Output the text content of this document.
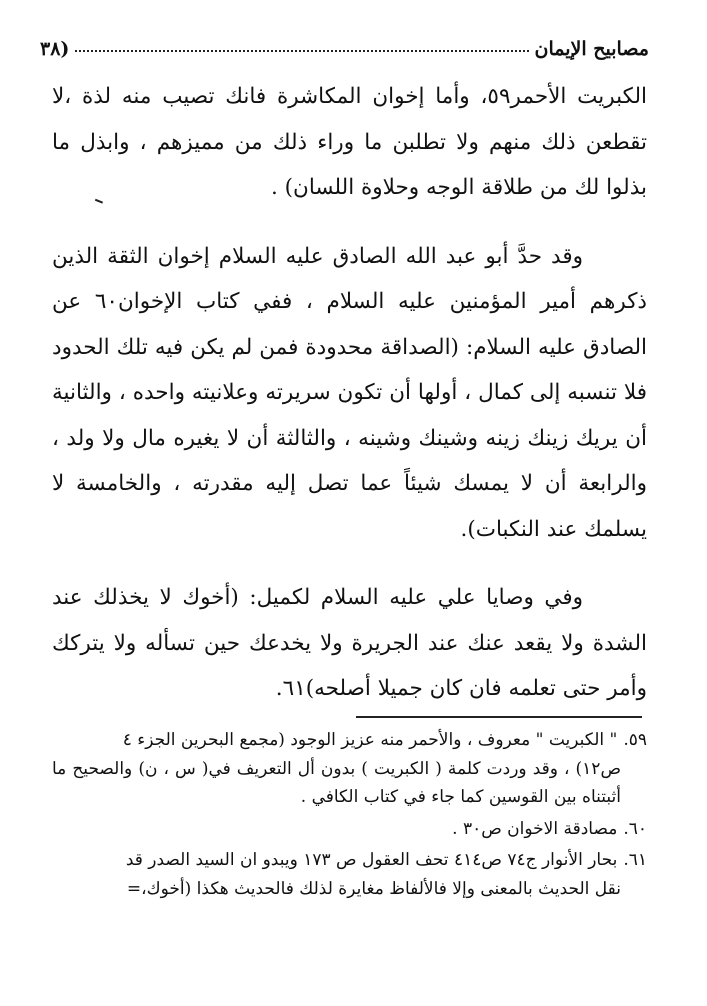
مصابيح الإيمان
(٣٨

الكبريت الأحمر٥٩، وأما إخوان المكاشرة فانك تصيب منه لذة ،لا تقطعن ذلك منهم ولا تطلبن ما وراء ذلك من مميزهم ، وابذل ما بذلوا لك من طلاقة الوجه وحلاوة اللسان) .

وقد حدَّ أبو عبد الله الصادق عليه السلام إخوان الثقة الذين ذكرهم أمير المؤمنين عليه السلام ، ففي كتاب الإخوان٦٠ عن الصادق عليه السلام: (الصداقة محدودة فمن لم يكن فيه تلك الحدود فلا تنسبه إلى كمال ، أولها أن تكون سريرته وعلانيته واحده ، والثانية أن يريك زينك زينه وشينك وشينه ، والثالثة أن لا يغيره مال ولا ولد ، والرابعة أن لا يمسك شيئاً عما تصل إليه مقدرته ، والخامسة لا يسلمك عند النكبات).

وفي وصايا علي عليه السلام لكميل: (أخوك لا يخذلك عند الشدة ولا يقعد عنك عند الجريرة ولا يخدعك حين تسأله ولا يتركك وأمر حتى تعلمه فان كان جميلا أصلحه)٦١.

٥٩." الكبريت " معروف ، والأحمر منه عزيز الوجود (مجمع البحرين الجزء ٤
ص١٢) ، وقد وردت كلمة ( الكبريت ) بدون أل التعريف في( س ، ن) والصحيح ما أثبتناه بين القوسين كما جاء في كتاب الكافي .
٦٠.مصادقة الاخوان ص٣٠ .
٦١.بحار الأنوار ج٧٤ ص٤١٤ تحف العقول ص ١٧٣ ويبدو ان السيد الصدر قد
نقل الحديث بالمعنى وإلا فالألفاظ مغايرة لذلك فالحديث هكذا (أخوك،=
